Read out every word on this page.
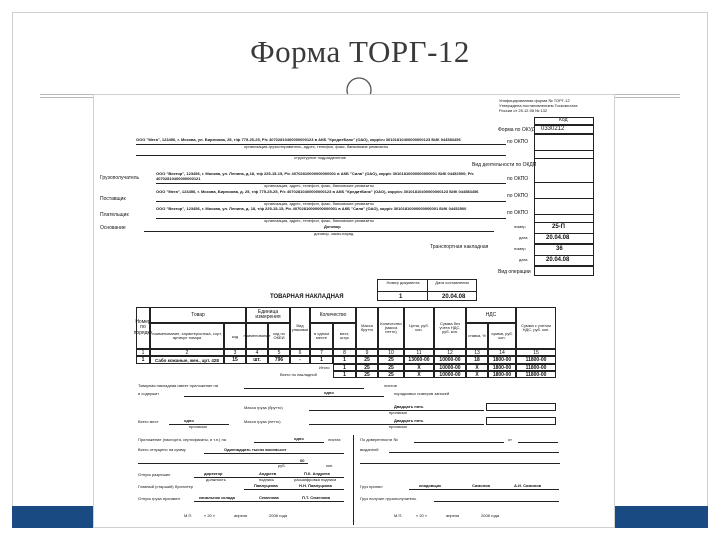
Форма ТОРГ-12
Унифицированная форма № ТОРГ-12
Утверждена постановлением Госкомстата
России от 25.12.98 № 132
Код
Форма по ОКУД 0330212
ООО "Мега", 123456, г. Москва, ул. Бирюзова, 25, т/ф 775-25-25, Р/с 40702810400000000123 в АКБ "КредитБанк" (ОАО), корр/сч 30101810400000000123 БИК 044583456
организация-грузоотправитель, адрес, телефон, факс, банковские реквизиты
по ОКПО
структурное подразделение
Вид деятельности по ОКДП
Грузополучатель
ООО "Вектор", 123456, г. Москва, ул. Ленина, д.18, т/ф 225-15-15, Р/с 40702810000000000001 в АКБ "Сила" (ОАО), корр/с 30101810000000000001 БИК 04452500; Р/с 40702810400000000121
организация, адрес, телефон, факс, банковские реквизиты
по ОКПО
Поставщик
ООО "Мега", 123456, г. Москва, Бирюзова, д. 25, т/ф 775-25-25, Р/с 40702810400000000123 в АКБ "КредитБанк" (ОАО), корр/сч 30101810400000000123 БИК 044583456
организация, адрес, телефон, факс, банковские реквизиты
по ОКПО
Плательщик
ООО "Вектор", 123456, г. Москва, ул. Ленина, д. 18, т/ф 225-15-15, Р/с 40702810000000000001 в АКБ "Сила" (ОАО), корр/с 30101810000000000001 БИК 04452500
организация, адрес, телефон, факс, банковские реквизиты
по ОКПО
Основание	Договор
договор, заказ-наряд
номер	25-П
дата	20.04.08
Транспортная накладная	номер	36
дата	20.04.08
Вид операции
Номер документа	Дата составления
ТОВАРНАЯ НАКЛАДНАЯ	1	20.04.08
Номер по порядку
Товар
Единица измерения
Вид упаковки
Количество
Масса брутто
Количество (масса нетто)
Цена, руб. коп.
Сумма без учета НДС, руб. коп.
НДС
Сумма с учетом НДС, руб. коп.
наименование, характеристика, сорт, артикул товара	код	наименование код по ОКЕИ
в одном месте
мест, штук	ставка, %	сумма, руб. коп.
1	2	3	4	5	6	7	8	9	10	11	12	13	14	15
1	Сабо кожаные, жен., арт. 428	15	шт.	796	-	1	1	25	25	13000-00	10000-00	18	1800-00	11800-00
Итого	1	25	25	Х	10000-00	Х	1800-00	11800-00
Всего по накладной	1	25	25	Х	10000-00	Х	1800-00	11800-00
Товарная накладная имеет приложение на	листов
и содержит	одно	порядковых номеров записей
Масса груза (брутто)	Двадцать пять
прописью
Всего мест	одно
прописью
Масса груза (нетто)	Двадцать пять
прописью
Приложение (паспорта, сертификаты, и т.п.) на	одно	листах
Всего отпущено на сумму	Одиннадцать тысяч восемьсот
руб.
00
коп.
Отпуск разрешил	директор	Андреев	П.К. Андреев
должность	подпись	расшифровка подписи
Главный (старший) бухгалтер	Павлуцкова	Н.Н. Павлуцкова
Отпуск груза произвел	начальник склада	Семенова	П.Т. Семенова
М.П.	« 20 »	апреля	2008 года
По доверенности №	от
выданной
Груз принял	кладовщик	Симонов	А.И. Симонов
Груз получил грузополучатель
М.П.	« 20 »	апреля	2008 года
